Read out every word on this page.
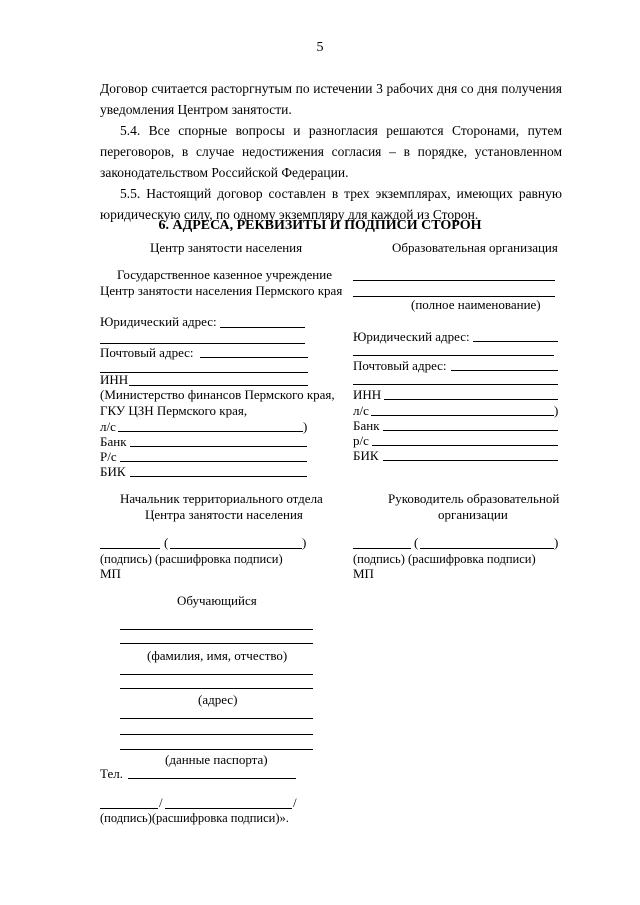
5
Договор считается расторгнутым по истечении 3 рабочих дня со дня получения уведомления Центром занятости.
5.4. Все спорные вопросы и разногласия решаются Сторонами, путем переговоров, в случае недостижения согласия – в порядке, установленном законодательством Российской Федерации.
5.5. Настоящий договор составлен в трех экземплярах, имеющих равную юридическую силу, по одному экземпляру для каждой из Сторон.
6. АДРЕСА, РЕКВИЗИТЫ И ПОДПИСИ СТОРОН
Центр занятости населения
Государственное казенное учреждение
Центр занятости населения Пермского края
Юридический адрес:
Почтовый адрес:
ИНН
(Министерство финансов Пермского края,
ГКУ ЦЗН Пермского края,
л/с	)
Банк
Р/с
БИК
Начальник территориального отдела
Центра занятости населения
(	)
(подпись) (расшифровка подписи)
МП
Образовательная организация
(полное наименование)
Юридический адрес:
Почтовый адрес:
ИНН
л/с	)
Банк
р/с
БИК
Руководитель образовательной
организации
(	)
(подпись) (расшифровка подписи)
МП
Обучающийся
(фамилия, имя, отчество)
(адрес)
(данные паспорта)
Тел.
/	/
(подпись)(расшифровка подписи)».
